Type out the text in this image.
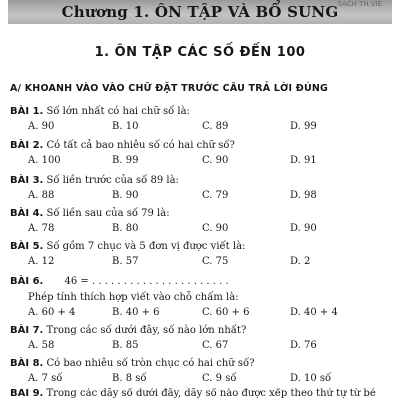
Chương 1. ÔN TẬP VÀ BỔ SUNG SÁCH TH.VIE
1. ÔN TẬP CÁC SỐ ĐẾN 100
A/ KHOANH VÀO VÀO CHỮ ĐẶT TRƯỚC CÂU TRẢ LỜI ĐÚNG
BÀI 1. Số lớn nhất có hai chữ số là:
A. 90	B. 10	C. 89	D. 99
BÀI 2. Có tất cả bao nhiêu số có hai chữ số?
A. 100	B. 99	C. 90	D. 91
BÀI 3. Số liền trước của số 89 là:
A. 88	B. 90	C. 79	D. 98
BÀI 4. Số liền sau của số 79 là:
A. 78	B. 80	C. 90	D. 90
BÀI 5. Số gồm 7 chục và 5 đơn vị được viết là:
A. 12	B. 57	C. 75	D. 2
BÀI 6. 46 = . . . . . . . . . . . . . . . . . . . . . .
Phép tính thích hợp viết vào chỗ chấm là:
A. 60 + 4	B. 40 + 6	C. 60 + 6	D. 40 + 4
BÀI 7. Trong các số dưới đây, số nào lớn nhất?
A. 58	B. 85	C. 67	D. 76
BÀI 8. Có bao nhiêu số tròn chục có hai chữ số?
A. 7 số	B. 8 số	C. 9 số	D. 10 số
BÀI 9. Trong các dãy số dưới đây, dãy số nào được xếp theo thứ tự từ bé
